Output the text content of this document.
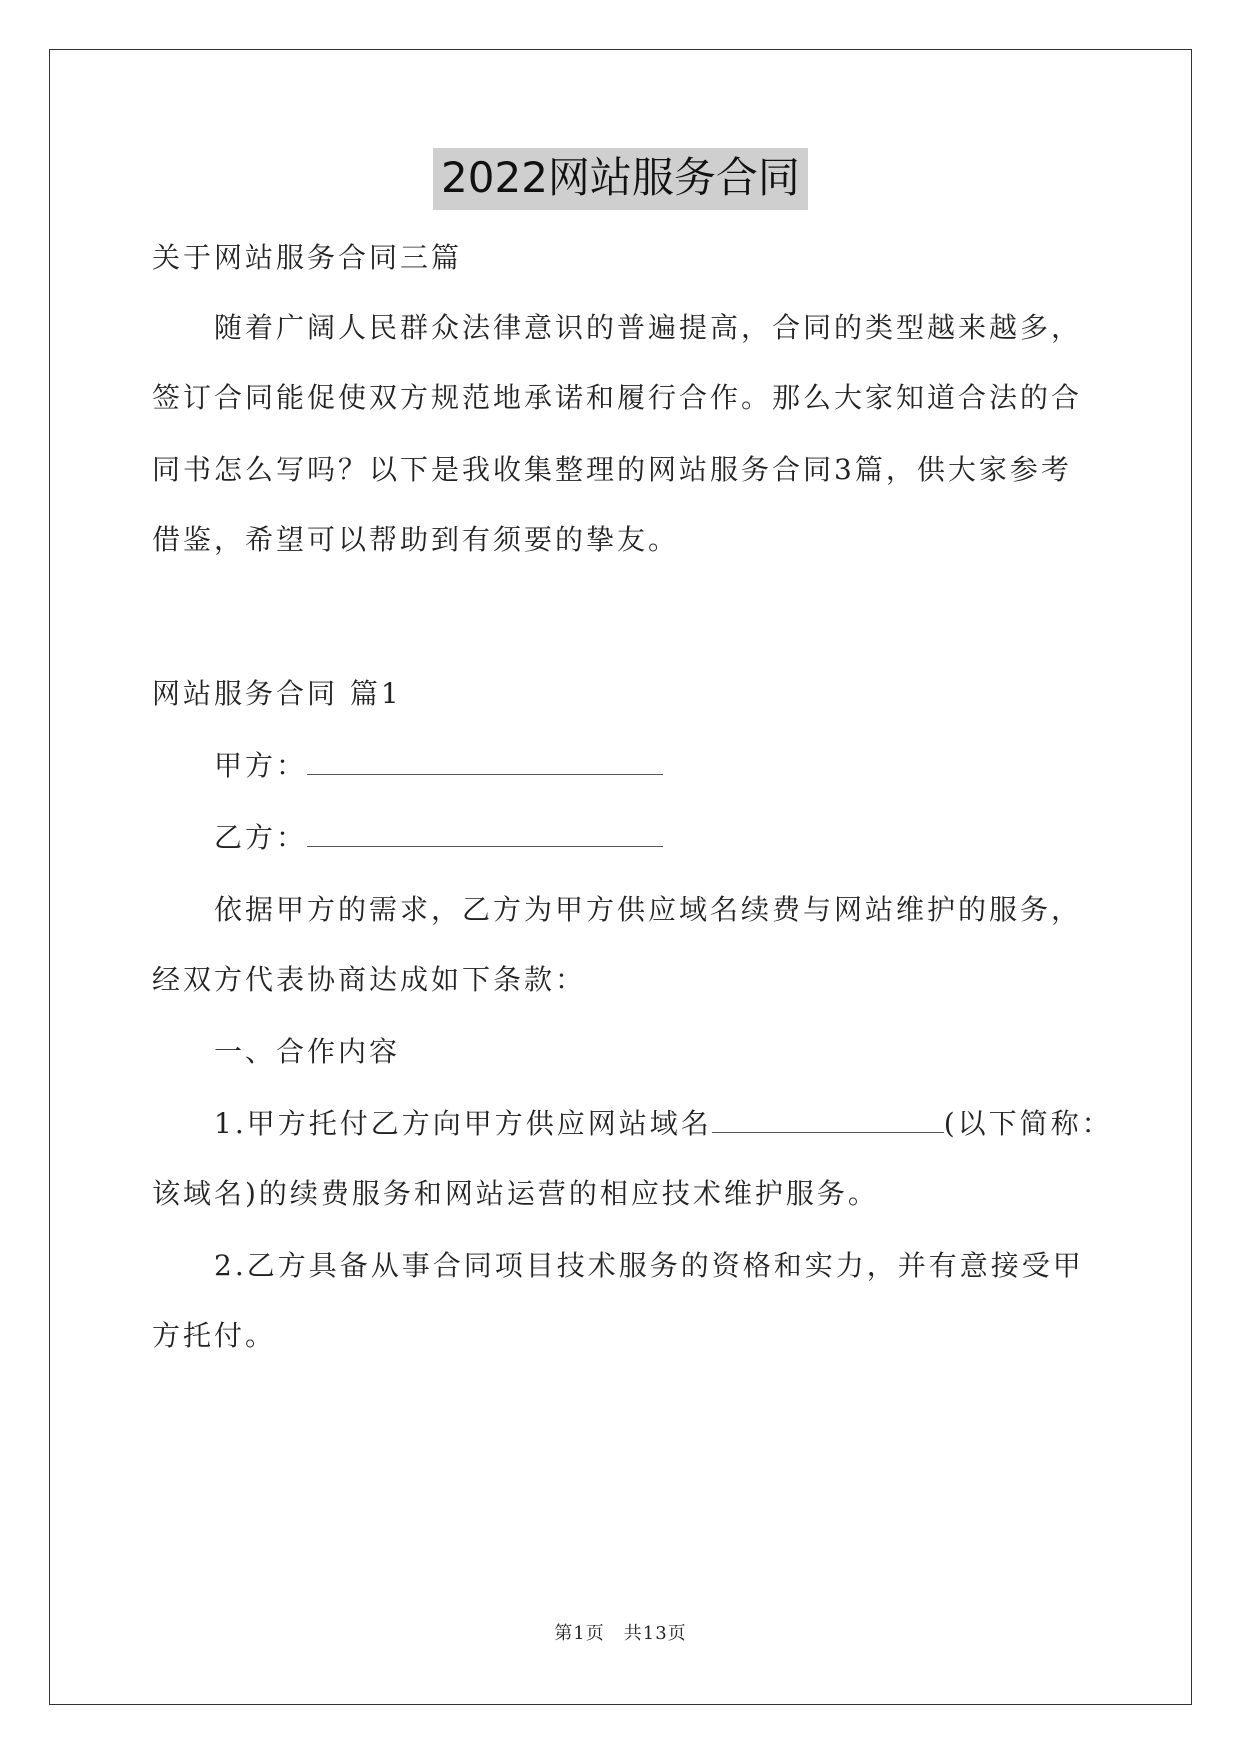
2022网站服务合同
关于网站服务合同三篇
随着广阔人民群众法律意识的普遍提高，合同的类型越来越多，
签订合同能促使双方规范地承诺和履行合作。那么大家知道合法的合
同书怎么写吗？以下是我收集整理的网站服务合同3篇，供大家参考
借鉴，希望可以帮助到有须要的挚友。
网站服务合同 篇1
甲方：
乙方：
依据甲方的需求，乙方为甲方供应域名续费与网站维护的服务，
经双方代表协商达成如下条款：
一、合作内容
1.甲方托付乙方向甲方供应网站域名	(以下简称：
该域名)的续费服务和网站运营的相应技术维护服务。
2.乙方具备从事合同项目技术服务的资格和实力，并有意接受甲
方托付。
第1页　共13页
